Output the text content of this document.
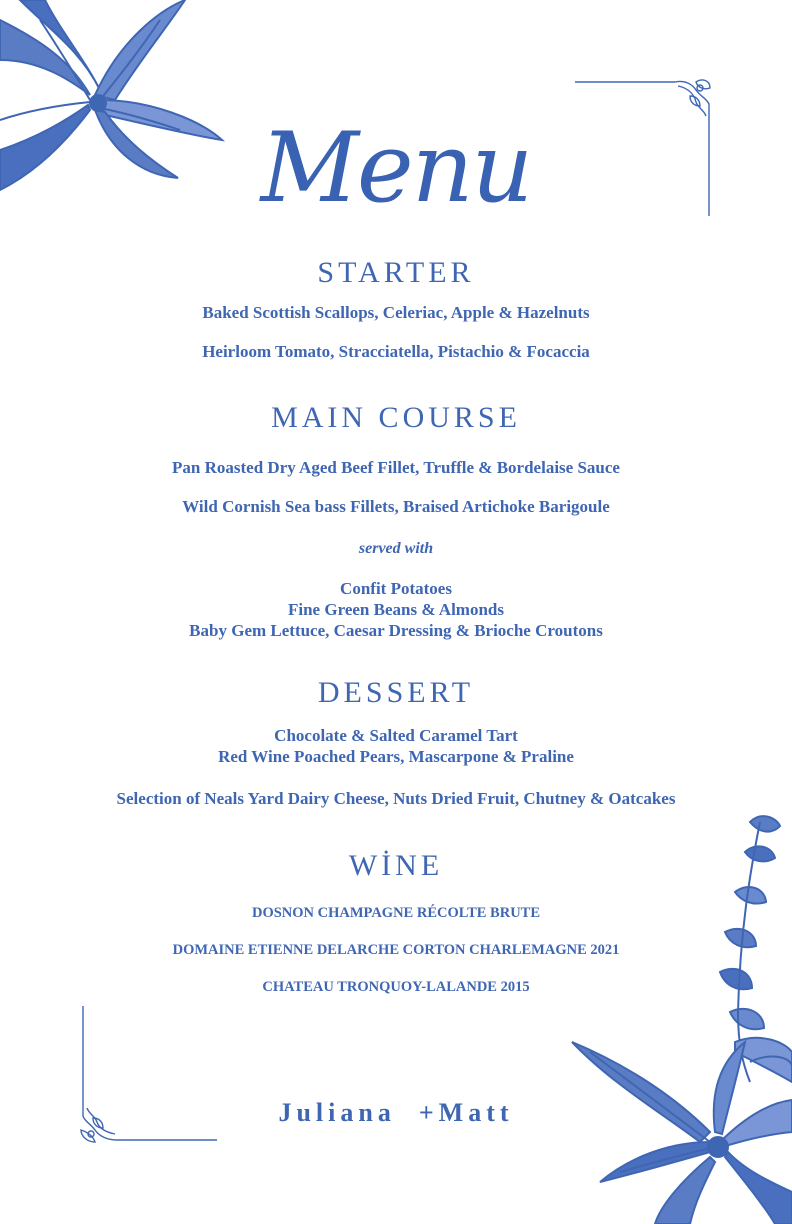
Menu
STARTER
Baked Scottish Scallops, Celeriac, Apple & Hazelnuts
Heirloom Tomato, Stracciatella, Pistachio & Focaccia
MAIN COURSE
Pan Roasted Dry Aged Beef Fillet, Truffle & Bordelaise Sauce
Wild Cornish Sea bass Fillets, Braised Artichoke Barigoule
served with
Confit Potatoes
Fine Green Beans & Almonds
Baby Gem Lettuce, Caesar Dressing & Brioche Croutons
DESSERT
Chocolate & Salted Caramel Tart
Red Wine Poached Pears, Mascarpone & Praline
Selection of Neals Yard Dairy Cheese, Nuts Dried Fruit, Chutney & Oatcakes
WİNE
DOSNON CHAMPAGNE RÉCOLTE BRUTE
DOMAINE ETIENNE DELARCHE CORTON CHARLEMAGNE 2021
CHATEAU TRONQUOY-LALANDE 2015
Juliana  +Matt
